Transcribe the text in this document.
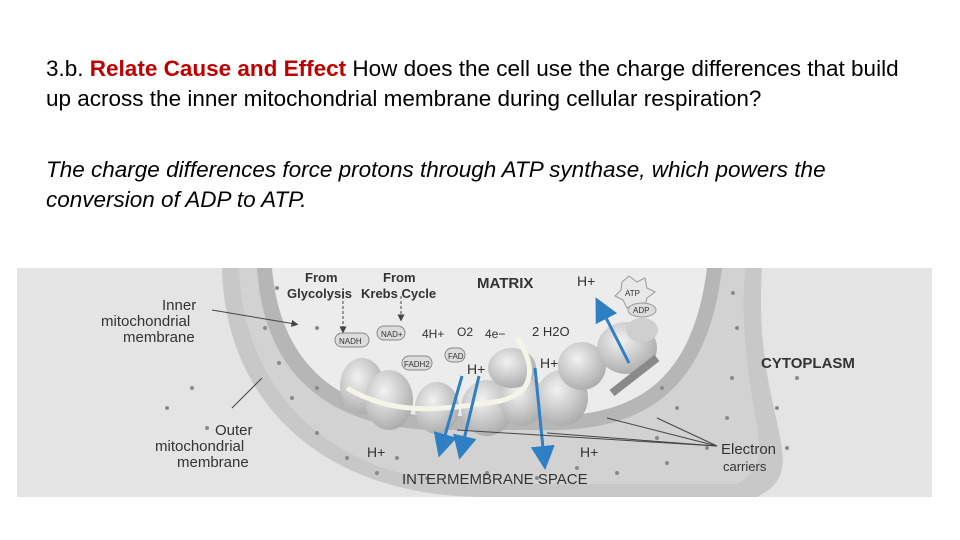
3.b. Relate Cause and Effect How does the cell use the charge differences that build up across the inner mitochondrial membrane during cellular respiration?

The charge differences force protons through ATP synthase, which powers the conversion of ADP to ATP.

From
Glycolysis
From
Krebs Cycle
MATRIX	H+
ATP
ADP
Inner
mitochondrial
membrane
Outer
mitochondrial
membrane
NADH
NAD+
FAD
FADH2
4H+ O2 4e− 2 H2O
H+	H+
H+	H+
CYTOPLASM
INTERMEMBRANE SPACE
Electron
carriers
